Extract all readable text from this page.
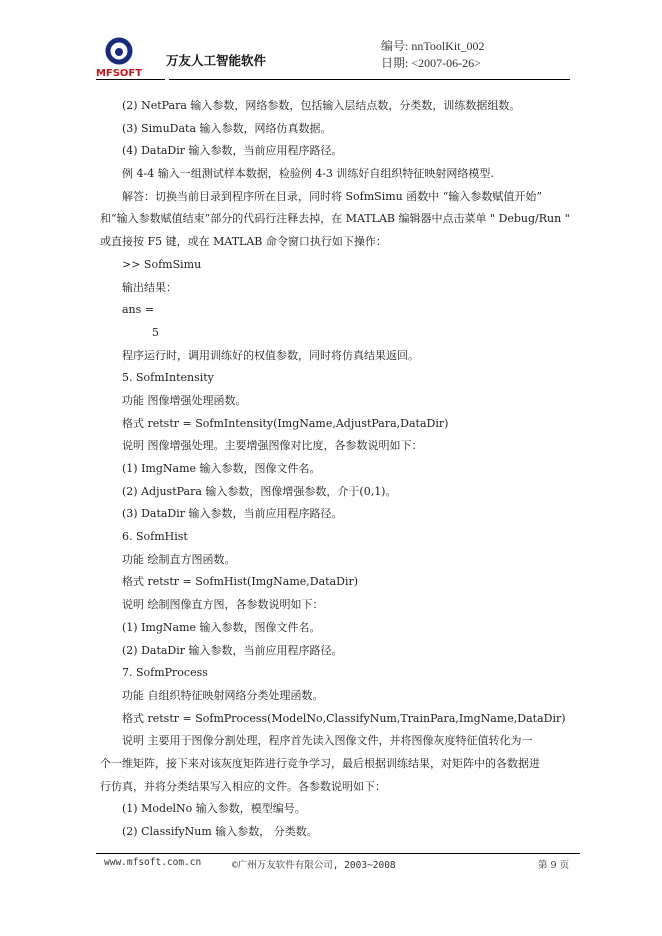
MFSOFT
万友人工智能软件
编号: nnToolKit_002
日期: <2007-06-26>
(2) NetPara 输入参数，网络参数，包括输入层结点数，分类数，训练数据组数。
(3) SimuData 输入参数，网络仿真数据。
(4) DataDir 输入参数，当前应用程序路径。
例 4-4 输入一组测试样本数据，检验例 4-3 训练好自组织特征映射网络模型.
解答：切换当前目录到程序所在目录，同时将 SofmSimu 函数中 “输入参数赋值开始”
和“输入参数赋值结束”部分的代码行注释去掉，在 MATLAB 编辑器中点击菜单 " Debug/Run "
或直接按 F5 键，或在 MATLAB 命令窗口执行如下操作：
>> SofmSimu
输出结果：
ans =
5
程序运行时，调用训练好的权值参数，同时将仿真结果返回。
5. SofmIntensity
功能 图像增强处理函数。
格式 retstr = SofmIntensity(ImgName,AdjustPara,DataDir)
说明 图像增强处理。主要增强图像对比度，各参数说明如下：
(1) ImgName 输入参数，图像文件名。
(2) AdjustPara 输入参数，图像增强参数，介于(0,1)。
(3) DataDir 输入参数，当前应用程序路径。
6. SofmHist
功能 绘制直方图函数。
格式 retstr = SofmHist(ImgName,DataDir)
说明 绘制图像直方图，各参数说明如下：
(1) ImgName 输入参数，图像文件名。
(2) DataDir 输入参数，当前应用程序路径。
7. SofmProcess
功能 自组织特征映射网络分类处理函数。
格式 retstr = SofmProcess(ModelNo,ClassifyNum,TrainPara,ImgName,DataDir)
说明 主要用于图像分割处理，程序首先读入图像文件，并将图像灰度特征值转化为一
个一维矩阵，接下来对该灰度矩阵进行竞争学习，最后根据训练结果，对矩阵中的各数据进
行仿真，并将分类结果写入相应的文件。各参数说明如下：
(1) ModelNo 输入参数，模型编号。
(2) ClassifyNum 输入参数， 分类数。
www.mfsoft.com.cn	©广州万友软件有限公司, 2003~2008	第 9 页
